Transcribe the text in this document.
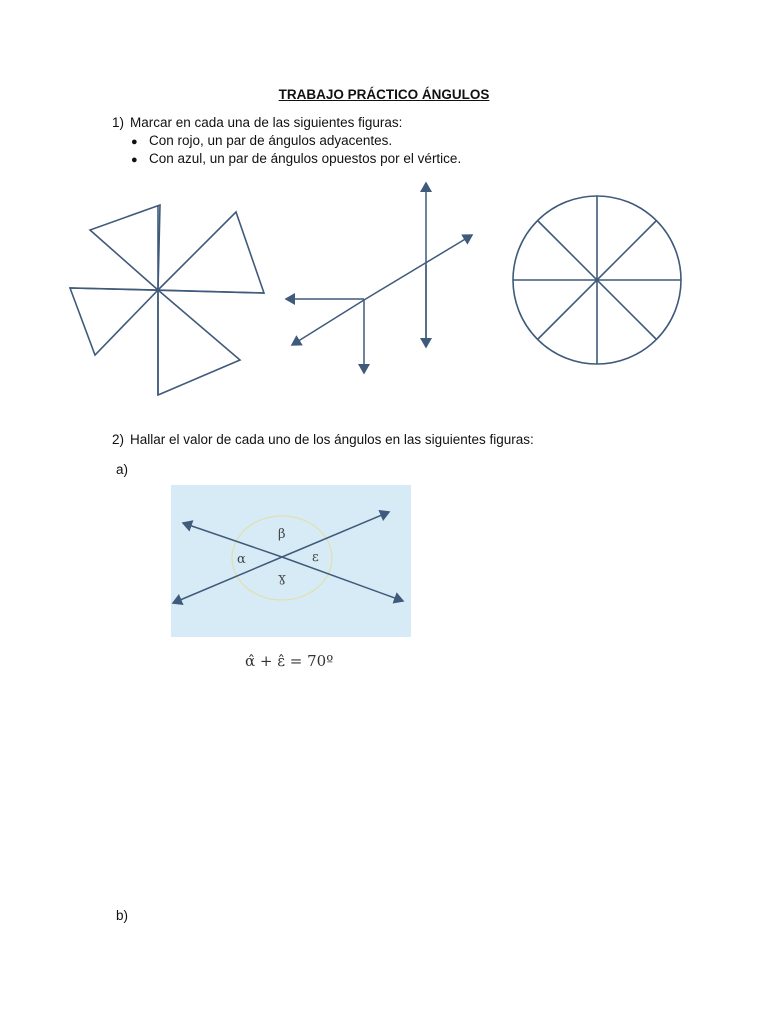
TRABAJO PRÁCTICO ÁNGULOS
1) Marcar en cada una de las siguientes figuras:
● Con rojo, un par de ángulos adyacentes.
● Con azul, un par de ángulos opuestos por el vértice.
2) Hallar el valor de cada uno de los ángulos en las siguientes figuras:
a)
β
α	ε
ɣ
α̂ + ε̂ = 70º
b)
